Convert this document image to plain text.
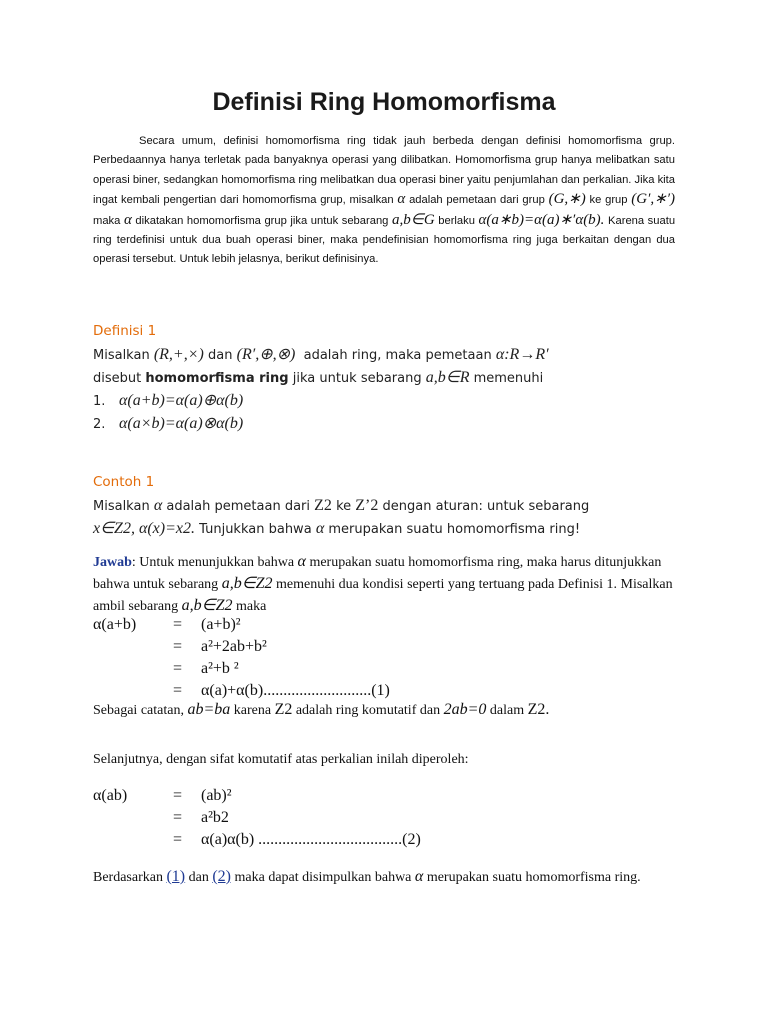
Definisi Ring Homomorfisma
Secara umum, definisi homomorfisma ring tidak jauh berbeda dengan definisi homomorfisma grup. Perbedaannya hanya terletak pada banyaknya operasi yang dilibatkan. Homomorfisma grup hanya melibatkan satu operasi biner, sedangkan homomorfisma ring melibatkan dua operasi biner yaitu penjumlahan dan perkalian. Jika kita ingat kembali pengertian dari homomorfisma grup, misalkan α adalah pemetaan dari grup (G,∗) ke grup (G′,∗′) maka α dikatakan homomorfisma grup jika untuk sebarang a,b∈G berlaku α(a∗b)=α(a)∗′α(b). Karena suatu ring terdefinisi untuk dua buah operasi biner, maka pendefinisian homomorfisma ring juga berkaitan dengan dua operasi tersebut. Untuk lebih jelasnya, berikut definisinya.
Definisi 1
Misalkan (R,+,×) dan (R′,⊕,⊗) adalah ring, maka pemetaan α:R→R′
disebut homomorfisma ring jika untuk sebarang a,b∈R memenuhi
1. α(a+b)=α(a)⊕α(b)
2. α(a×b)=α(a)⊗α(b)
Contoh 1
Misalkan α adalah pemetaan dari Z2 ke Z’2 dengan aturan: untuk sebarang
x∈Z2, α(x)=x2. Tunjukkan bahwa α merupakan suatu homomorfisma ring!
Jawab: Untuk menunjukkan bahwa α merupakan suatu homomorfisma ring, maka harus ditunjukkan bahwa untuk sebarang a,b∈Z2 memenuhi dua kondisi seperti yang tertuang pada Definisi 1. Misalkan ambil sebarang a,b∈Z2 maka
α(a+b) = (a+b)²
= a²+2ab+b²
= a²+b ²
= α(a)+α(b)...........................(1)
Sebagai catatan, ab=ba karena Z2 adalah ring komutatif dan 2ab=0 dalam Z2.
Selanjutnya, dengan sifat komutatif atas perkalian inilah diperoleh:
α(ab)	= (ab)²
= a²b2
= α(a)α(b) ....................................(2)
Berdasarkan (1) dan (2) maka dapat disimpulkan bahwa α merupakan suatu homomorfisma ring.
